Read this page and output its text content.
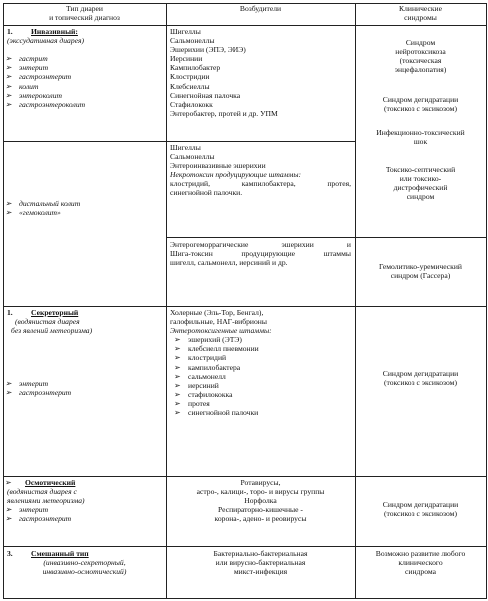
Тип диареи
и топический диагноз
Возбудители	Клинические
синдромы
1. Инвазивный:
(экссудативная диарея)

➢ гастрит
➢ энтерит
➢ гастроэнтерит
➢ колит
➢ энтероколит
➢ гастроэнтероколит
Шигеллы
Сальмонеллы
Эшерихии (ЭПЭ, ЭИЭ)
Иерсинии
Кампилобактер
Клостридии
Клебсиеллы
Синегнойная палочка
Стафилококк
Энтеробактер, протей и др. УПМ
Синдром
нейротоксикоза
(токсическая
энцефалопатия)
Синдром дегидратации
(токсикоз с эксикозом)
Инфекционно-токсический
шок
Токсико-септический
или токсико-
дистрофический
синдром
➢ дистальный колит
➢ «гемоколит»
Шигеллы
Сальмонеллы
Энтероинвазивные эшерихии
Некротоксин продуцирующие штаммы:
клостридий, кампилобактера, протея,
синегнойной палочки.
Энтерогеморрагические эшерихии и
Шига-токсин продуцирующие штаммы
шигелл, сальмонелл, иерсиний и др.	Гемолитико-уремический
синдром (Гассера)
1. Секреторный
(водянистая диарея
без явлений метеоризма)
➢ энтерит
➢ гастроэнтерит
Холерные (Эль-Тор, Бенгал),
галофильные, НАГ-вибрионы
Энтеротоксигенные штаммы:
➢ эшерихий (ЭТЭ)
➢ клебсиелл пневмонии
➢ клостридий
➢ кампилобактера
➢ сальмонелл
➢ иерсиний
➢ стафилококка
➢ протея
➢ синегнойной палочки
Синдром дегидратации
(токсикоз с эксикозом)
➢ Осмотический
(водянистая диарея с
явлениями метеоризма)
➢ энтерит
➢ гастроэнтерит
Ротавирусы,
астро-, калици-, торо- и вирусы группы
Норфолка
Респираторно-кишечные -
корона-, адено- и реовирусы
Синдром дегидратации
(токсикоз с эксикозом)
3. Смешанный тип
(инвазивно-секреторный,
инвазивно-осмотический)
Бактериально-бактериальная
или вирусно-бактериальная
микст-инфекция
Возможно развитие любого
клинического
синдрома
